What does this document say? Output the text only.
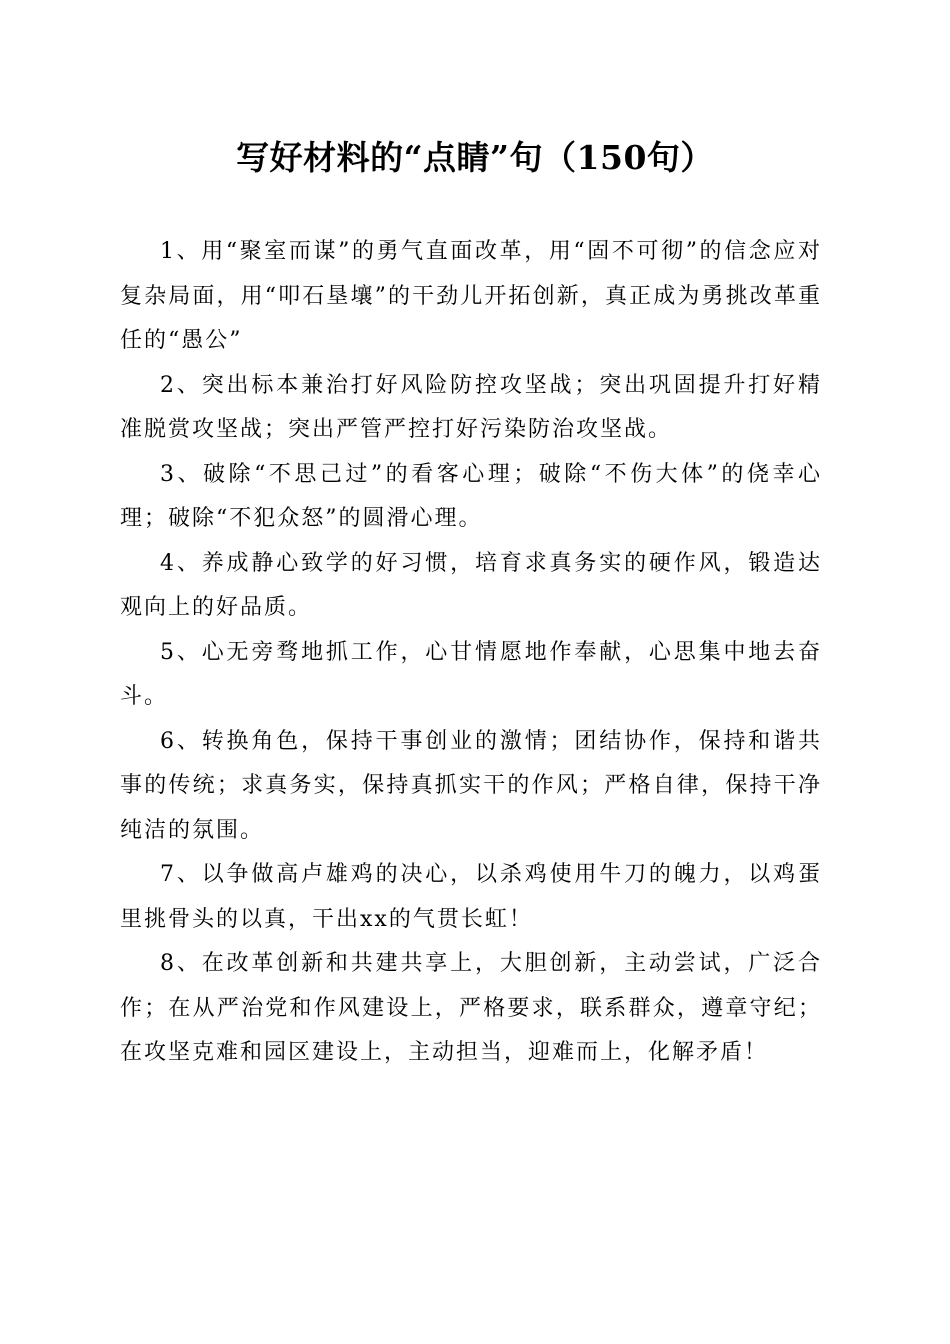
写好材料的“点睛”句（150句）

1、用“聚室而谋”的勇气直面改革，用“固不可彻”的信念应对复杂局面，用“叩石垦壤”的干劲儿开拓创新，真正成为勇挑改革重任的“愚公”

2、突出标本兼治打好风险防控攻坚战；突出巩固提升打好精准脱赏攻坚战；突出严管严控打好污染防治攻坚战。

3、破除“不思己过”的看客心理；破除“不伤大体”的侥幸心理；破除“不犯众怒”的圆滑心理。

4、养成静心致学的好习惯，培育求真务实的硬作风，锻造达观向上的好品质。

5、心无旁骛地抓工作，心甘情愿地作奉献，心思集中地去奋斗。

6、转换角色，保持干事创业的激情；团结协作，保持和谐共事的传统；求真务实，保持真抓实干的作风；严格自律，保持干净纯洁的氛围。

7、以争做高卢雄鸡的决心，以杀鸡使用牛刀的魄力，以鸡蛋里挑骨头的以真，干出xx的气贯长虹！

8、在改革创新和共建共享上，大胆创新，主动尝试，广泛合作；在从严治党和作风建设上，严格要求，联系群众，遵章守纪；在攻坚克难和园区建设上，主动担当，迎难而上，化解矛盾！
